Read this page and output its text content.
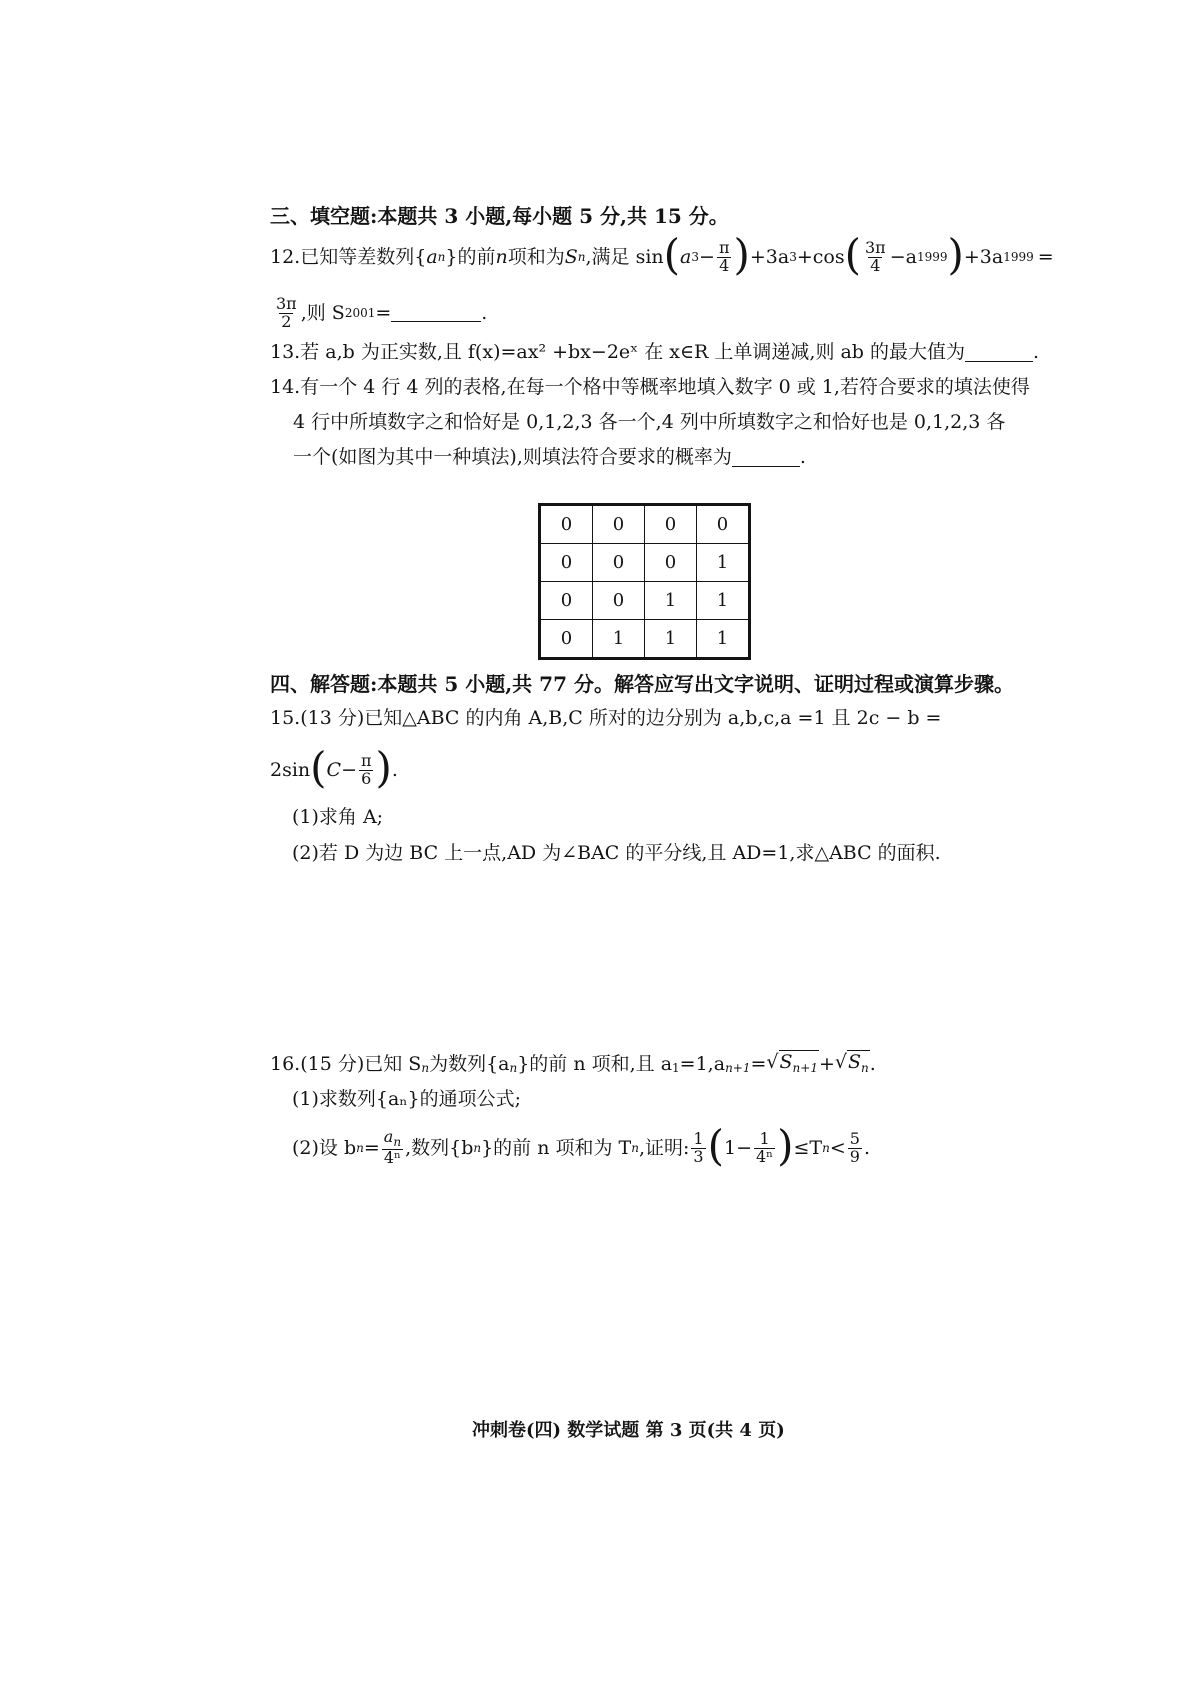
三、填空题:本题共 3 小题,每小题 5 分,共 15 分。
12. 已知等差数列{ a n }的前 n 项和为 S n ,满足 sin ( a $3 - \frac{\pi}{4}$ ) +3a 3 +cos ( $\frac{3\pi}{4} -a$ 1999 ) +3a 1999 =
$\frac{3\pi}{2}$ ,则 S 2001 =	.
13.若 a,b 为正实数,且 f(x)=ax² +bx−2eˣ 在 x∈R 上单调递减,则 ab 的最大值为	.
14.有一个 4 行 4 列的表格,在每一个格中等概率地填入数字 0 或 1,若符合要求的填法使得
4 行中所填数字之和恰好是 0,1,2,3 各一个,4 列中所填数字之和恰好也是 0,1,2,3 各
一个(如图为其中一种填法),则填法符合要求的概率为	.
0	0	0	0
0	0	0	1
0	0	1	1
0	1	1	1
四、解答题:本题共 5 小题,共 77 分。解答应写出文字说明、证明过程或演算步骤。
15.(13 分)已知△ABC 的内角 A,B,C 所对的边分别为 a,b,c,a =1 且 2c − b =
2sin ( $C- \frac{\pi}{6}$ ) .
(1)求角 A;
(2)若 D 为边 BC 上一点,AD 为∠BAC 的平分线,且 AD=1,求△ABC 的面积.
16.(15 分)已知 S n 为数列{a n }的前 n 项和,且 a 1 =1,a $n+1 = √S_{n+1} + √S_n$ .
(1)求数列{aₙ}的通项公式;
(2)设 b $n = \frac{a_n}{\text{4ⁿ}}$ ,数列{b n }的前 n 项和为 T n ,证明: $\frac{1}{3}$ ( $1- \frac{1}{\text{4ⁿ}}$ ) ≤T $n < \frac{5}{9}$ .
冲刺卷(四) 数学试题 第 3 页(共 4 页)
